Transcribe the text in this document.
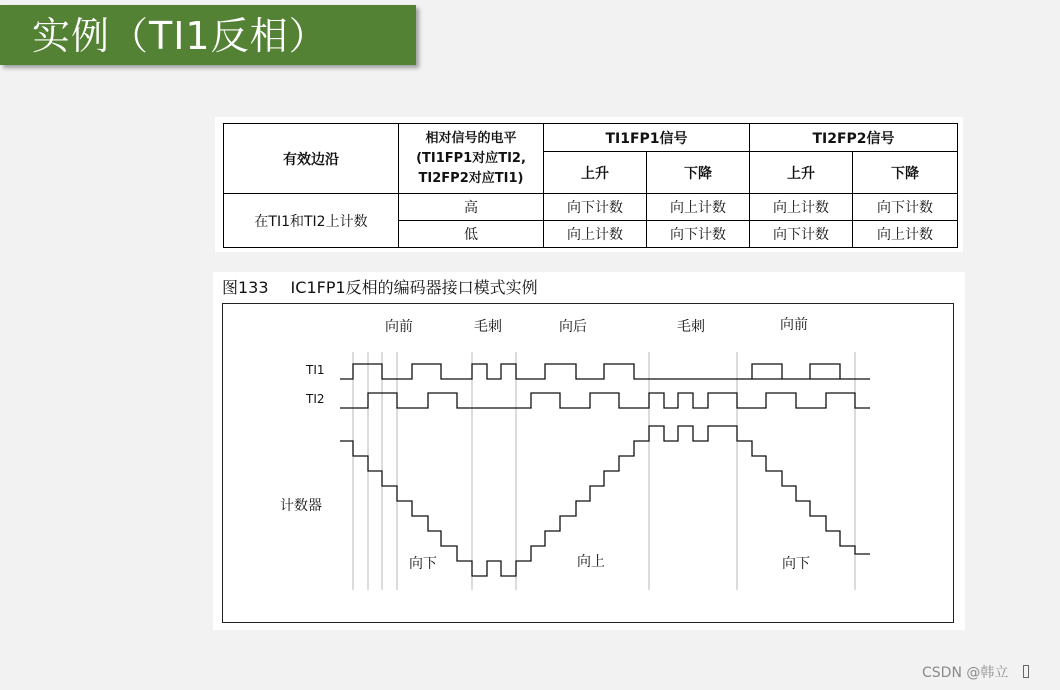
实例（TI1反相）
有效边沿	相对信号的电平
(TI1FP1对应TI2,
TI2FP2对应TI1)	TI1FP1信号		TI2FP2信号	
		上升	下降	上升	下降
在TI1和TI2上计数	高	向下计数	向上计数	向上计数	向下计数
	低	向上计数	向下计数	向下计数	向上计数
图133 IC1FP1反相的编码器接口模式实例
向前	毛刺	向后	毛刺	向前
TI1
TI2
计数器
向下	向上	向下
CSDN @韩立
